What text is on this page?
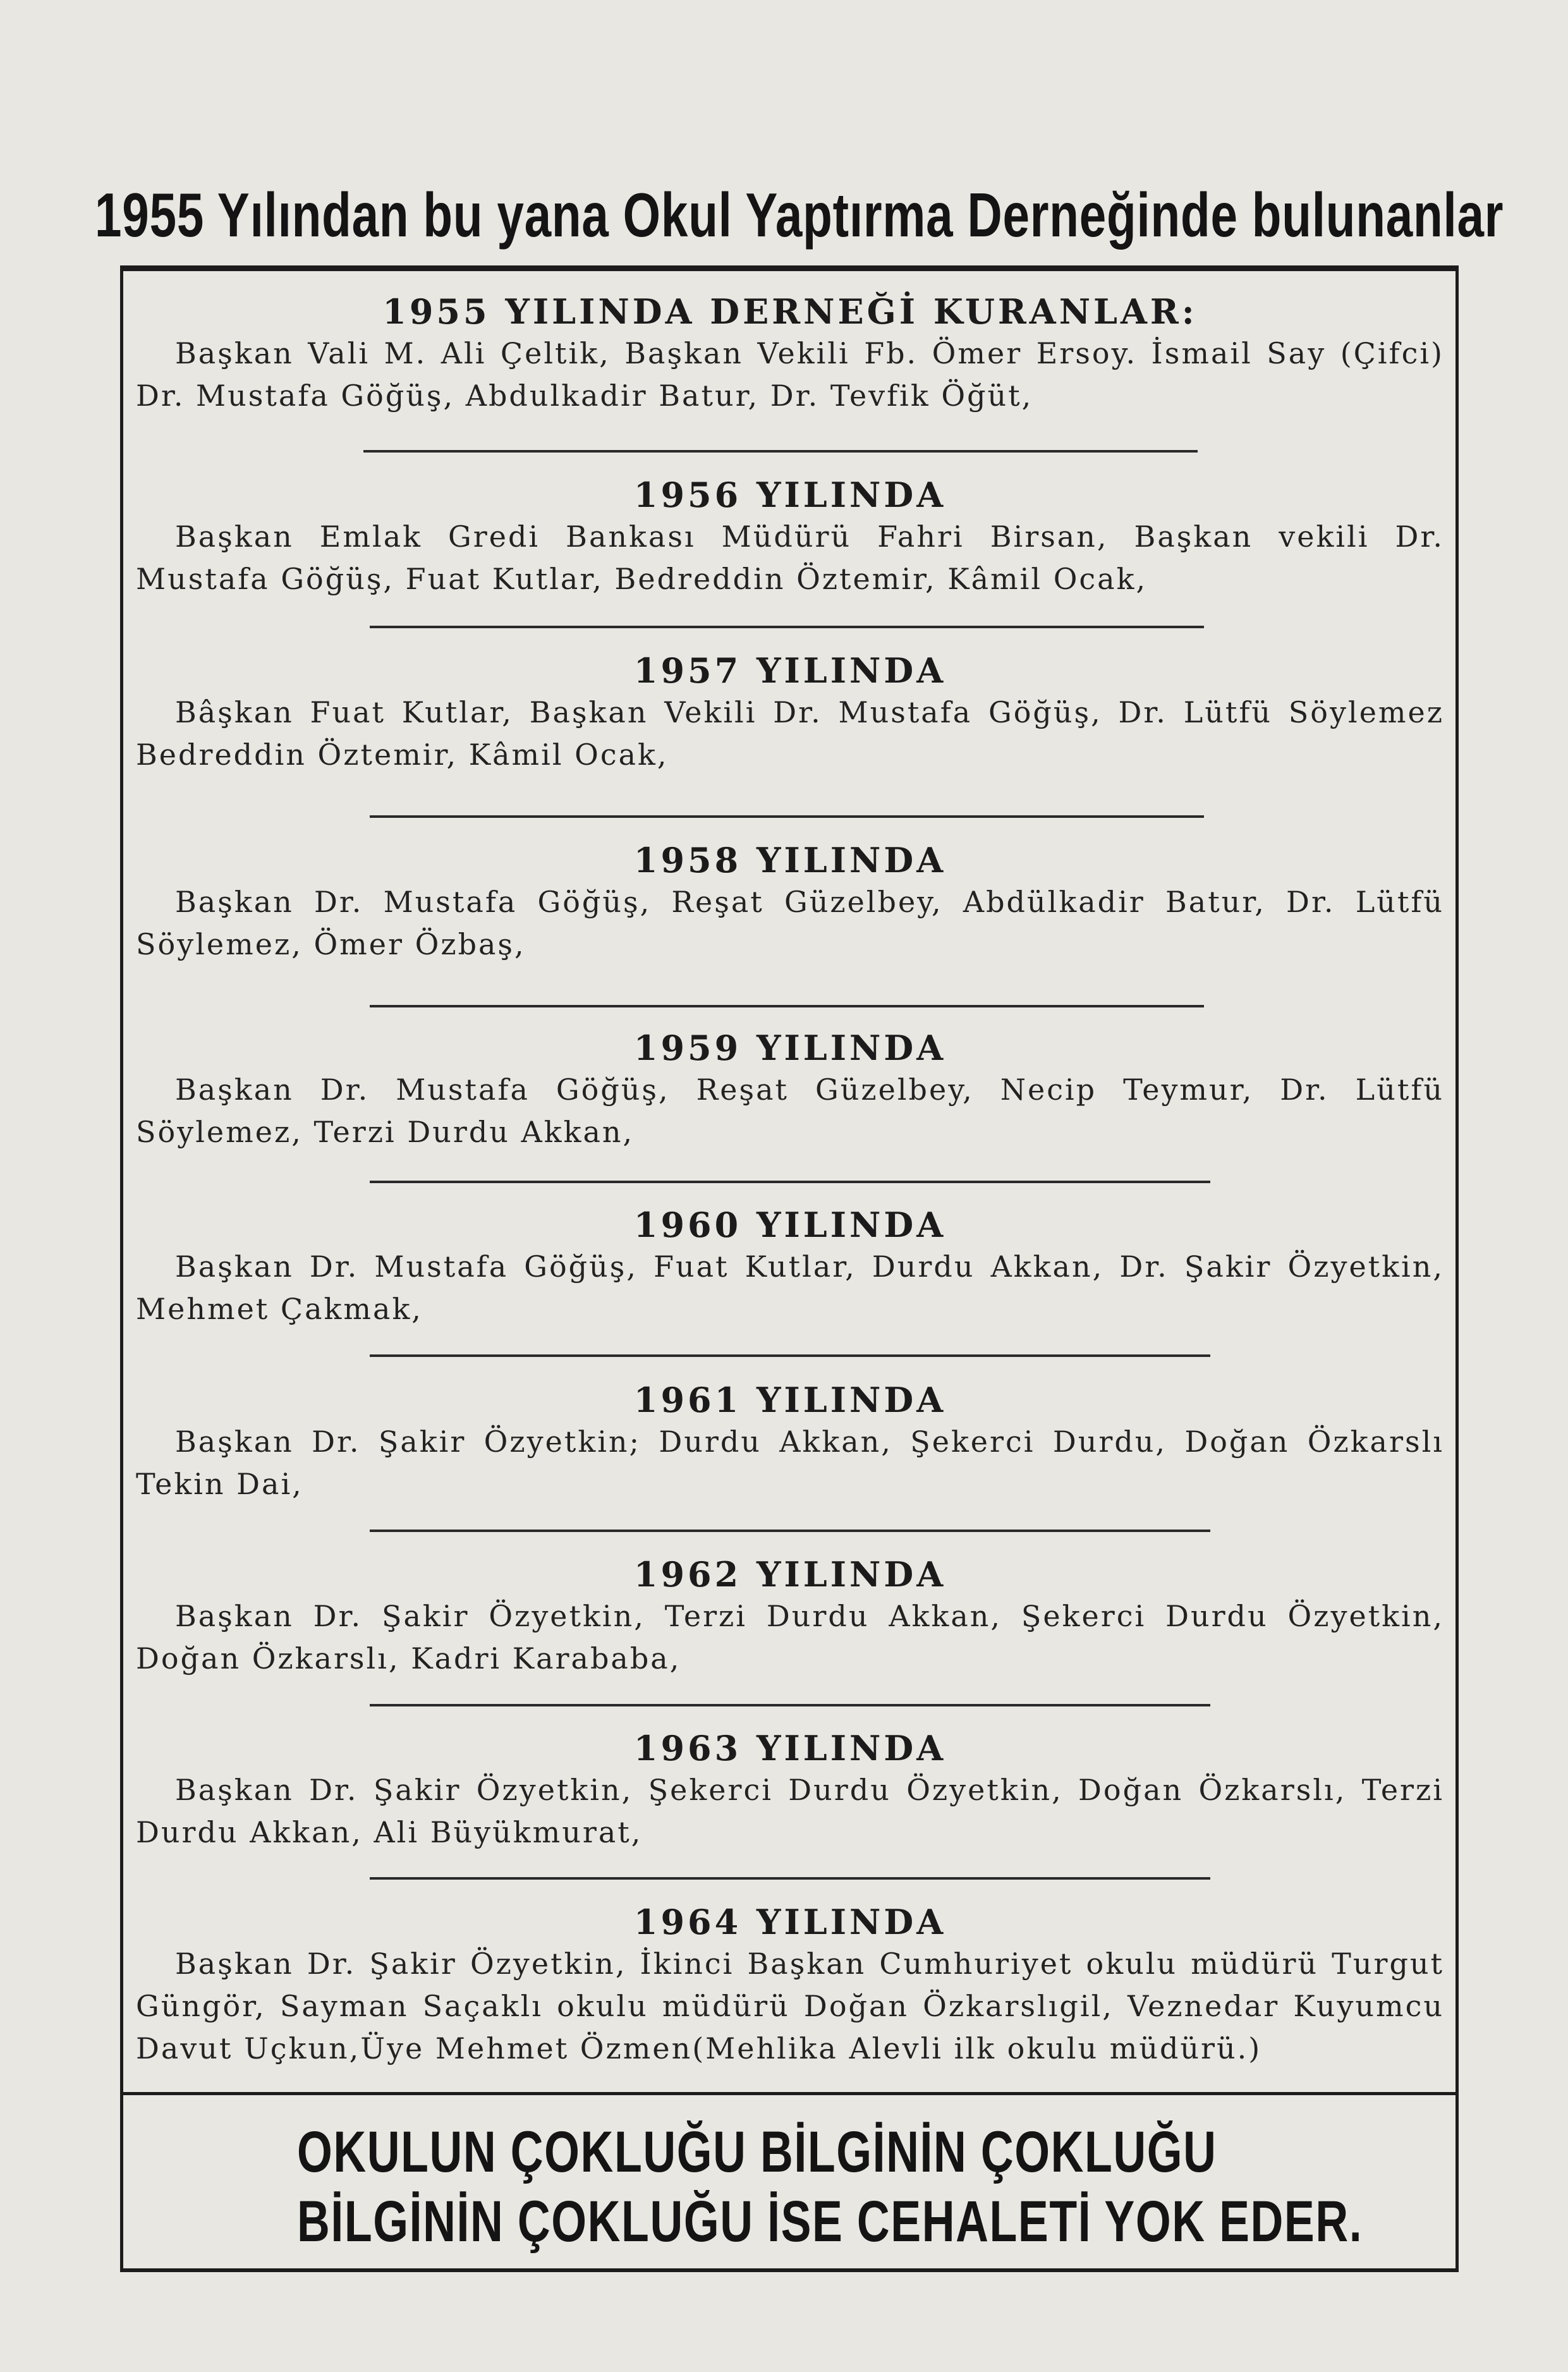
1955 Yılından bu yana Okul Yaptırma Derneğinde bulunanlar
1955 YILINDA DERNEĞİ KURANLAR:
Başkan Vali M. Ali Çeltik, Başkan Vekili Fb. Ömer Ersoy. İsmail Say (Çifci) Dr. Mustafa Göğüş, Abdulkadir Batur, Dr. Tevfik Öğüt,
1956 YILINDA
Başkan Emlak Gredi Bankası Müdürü Fahri Birsan, Başkan vekili Dr. Mustafa Göğüş, Fuat Kutlar, Bedreddin Öztemir, Kâmil Ocak,
1957 YILINDA
Bâşkan Fuat Kutlar, Başkan Vekili Dr. Mustafa Göğüş, Dr. Lütfü Söylemez Bedreddin Öztemir, Kâmil Ocak,
1958 YILINDA
Başkan Dr. Mustafa Göğüş, Reşat Güzelbey, Abdülkadir Batur, Dr. Lütfü Söylemez, Ömer Özbaş,
1959 YILINDA
Başkan Dr. Mustafa Göğüş, Reşat Güzelbey, Necip Teymur, Dr. Lütfü Söylemez, Terzi Durdu Akkan,
1960 YILINDA
Başkan Dr. Mustafa Göğüş, Fuat Kutlar, Durdu Akkan, Dr. Şakir Özyetkin, Mehmet Çakmak,
1961 YILINDA
Başkan Dr. Şakir Özyetkin; Durdu Akkan, Şekerci Durdu, Doğan Özkarslı Tekin Dai,
1962 YILINDA
Başkan Dr. Şakir Özyetkin, Terzi Durdu Akkan, Şekerci Durdu Özyetkin, Doğan Özkarslı, Kadri Karababa,
1963 YILINDA
Başkan Dr. Şakir Özyetkin, Şekerci Durdu Özyetkin, Doğan Özkarslı, Terzi Durdu Akkan, Ali Büyükmurat,
1964 YILINDA
Başkan Dr. Şakir Özyetkin, İkinci Başkan Cumhuriyet okulu müdürü Turgut Güngör, Sayman Saçaklı okulu müdürü Doğan Özkarslıgil, Veznedar Kuyumcu Davut Uçkun,Üye Mehmet Özmen(Mehlika Alevli ilk okulu müdürü.)
OKULUN ÇOKLUĞU BİLGİNİN ÇOKLUĞU
BİLGİNİN ÇOKLUĞU İSE CEHALETİ YOK EDER.
